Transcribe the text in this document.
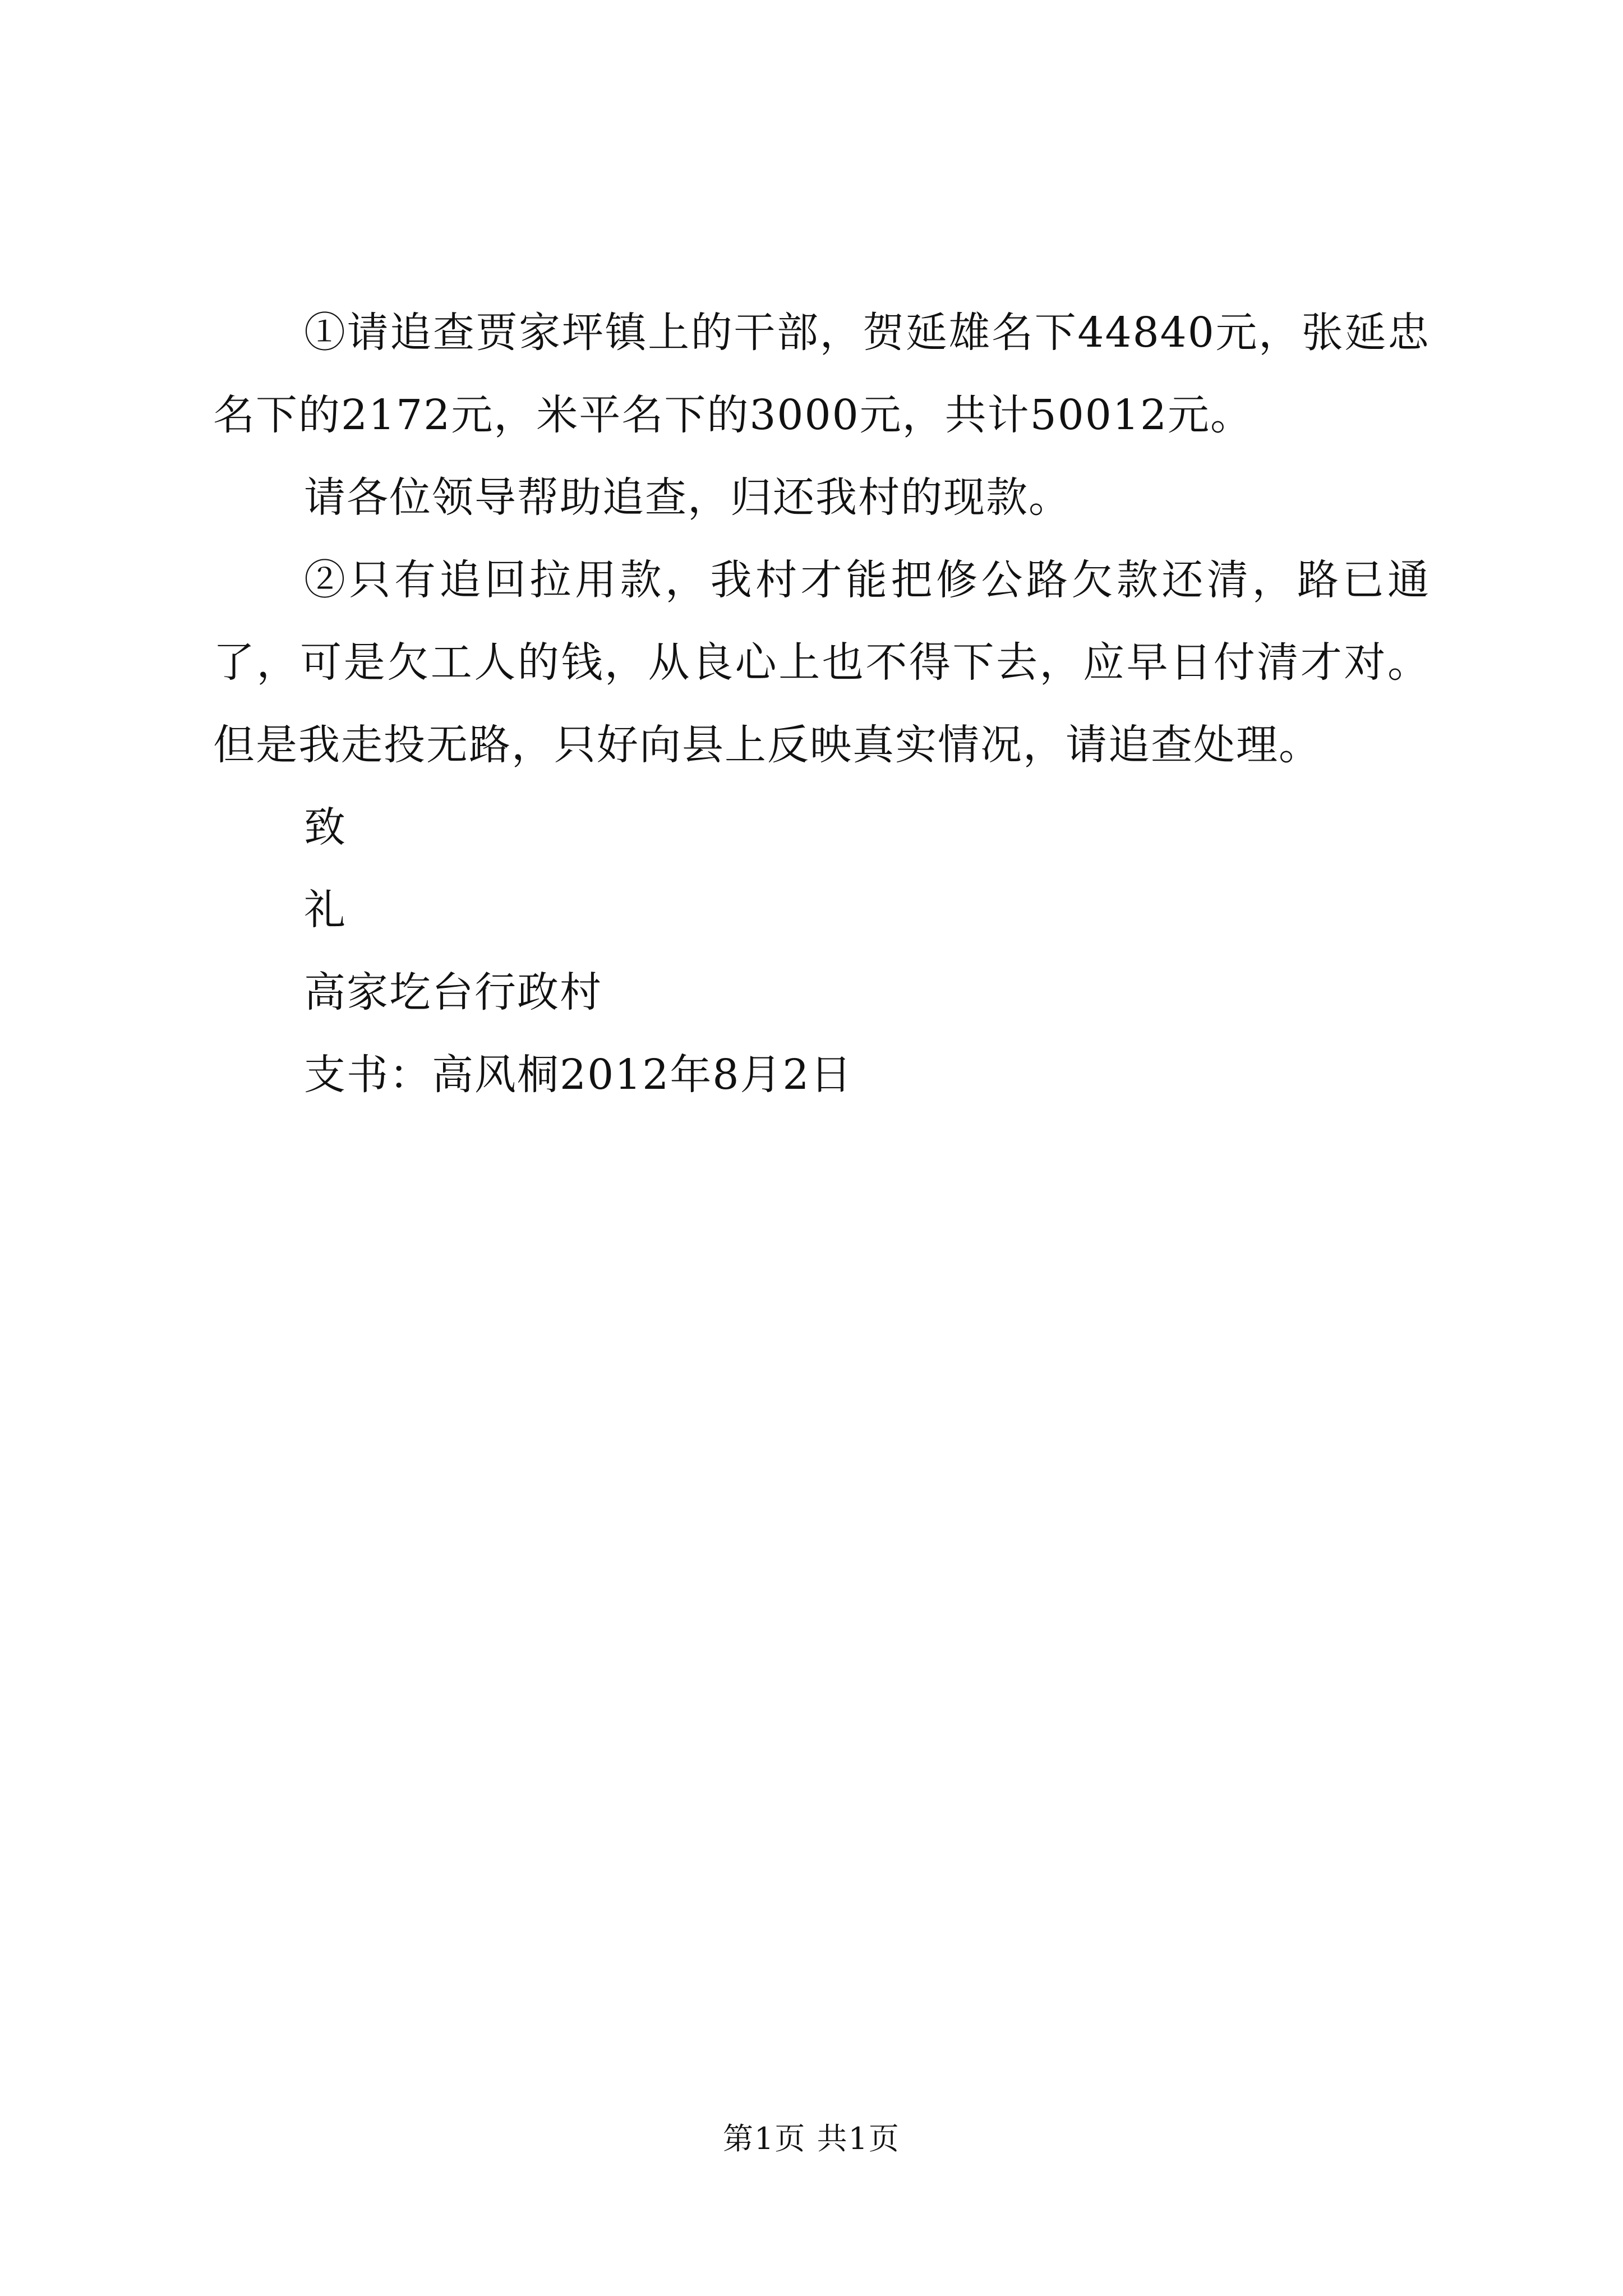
①请追查贾家坪镇上的干部，贺延雄名下44840元，张延忠名下的2172元，米平名下的3000元，共计50012元。

请各位领导帮助追查，归还我村的现款。

②只有追回拉用款，我村才能把修公路欠款还清，路已通了，可是欠工人的钱，从良心上也不得下去，应早日付清才对。但是我走投无路，只好向县上反映真实情况，请追查处理。

致

礼

高家圪台行政村

支书：高风桐2012年8月2日

第1页 共1页
